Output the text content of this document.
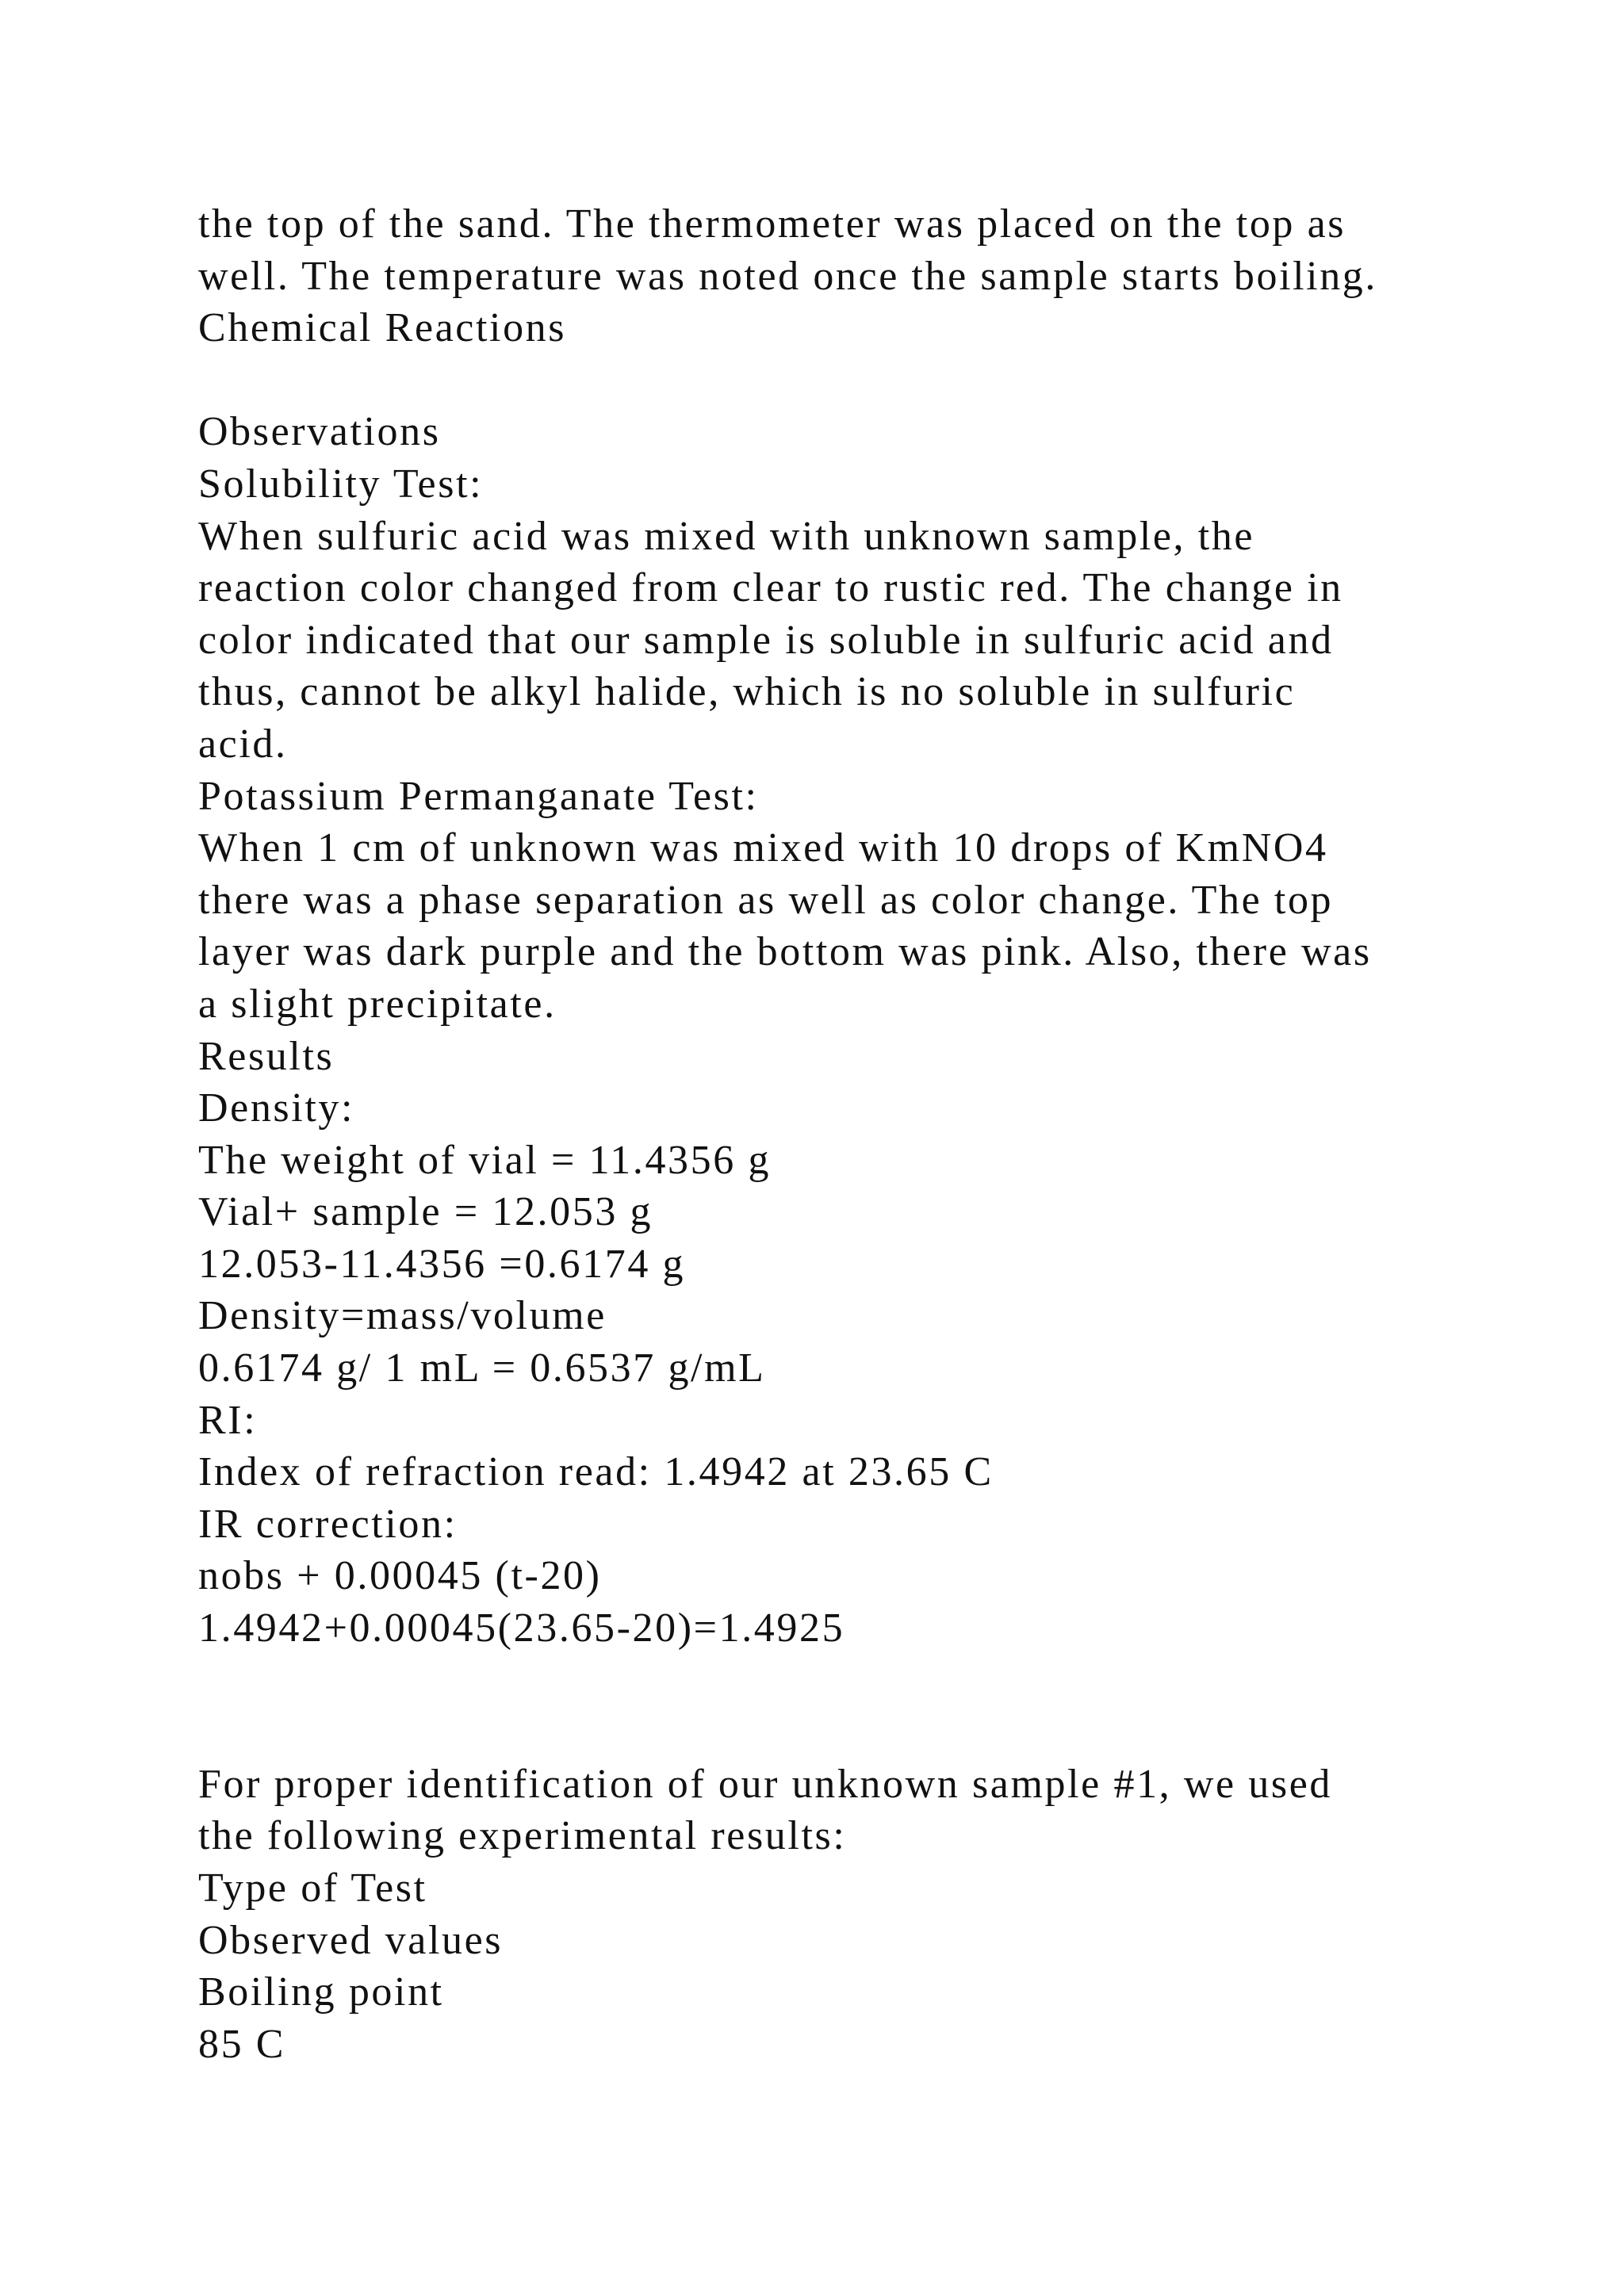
the top of the sand. The thermometer was placed on the top as
well. The temperature was noted once the sample starts boiling.
Chemical Reactions
Observations
Solubility Test:
When sulfuric acid was mixed with unknown sample, the
reaction color changed from clear to rustic red. The change in
color indicated that our sample is soluble in sulfuric acid and
thus, cannot be alkyl halide, which is no soluble in sulfuric
acid.
Potassium Permanganate Test:
When 1 cm of unknown was mixed with 10 drops of KmNO4
there was a phase separation as well as color change. The top
layer was dark purple and the bottom was pink. Also, there was
a slight precipitate.
Results
Density:
The weight of vial = 11.4356 g
Vial+ sample = 12.053 g
12.053-11.4356 =0.6174 g
Density=mass/volume
0.6174 g/ 1 mL = 0.6537 g/mL
RI:
Index of refraction read: 1.4942 at 23.65 C
IR correction:
nobs + 0.00045 (t-20)
1.4942+0.00045(23.65-20)=1.4925
For proper identification of our unknown sample #1, we used
the following experimental results:
Type of Test
Observed values
Boiling point
85 C
